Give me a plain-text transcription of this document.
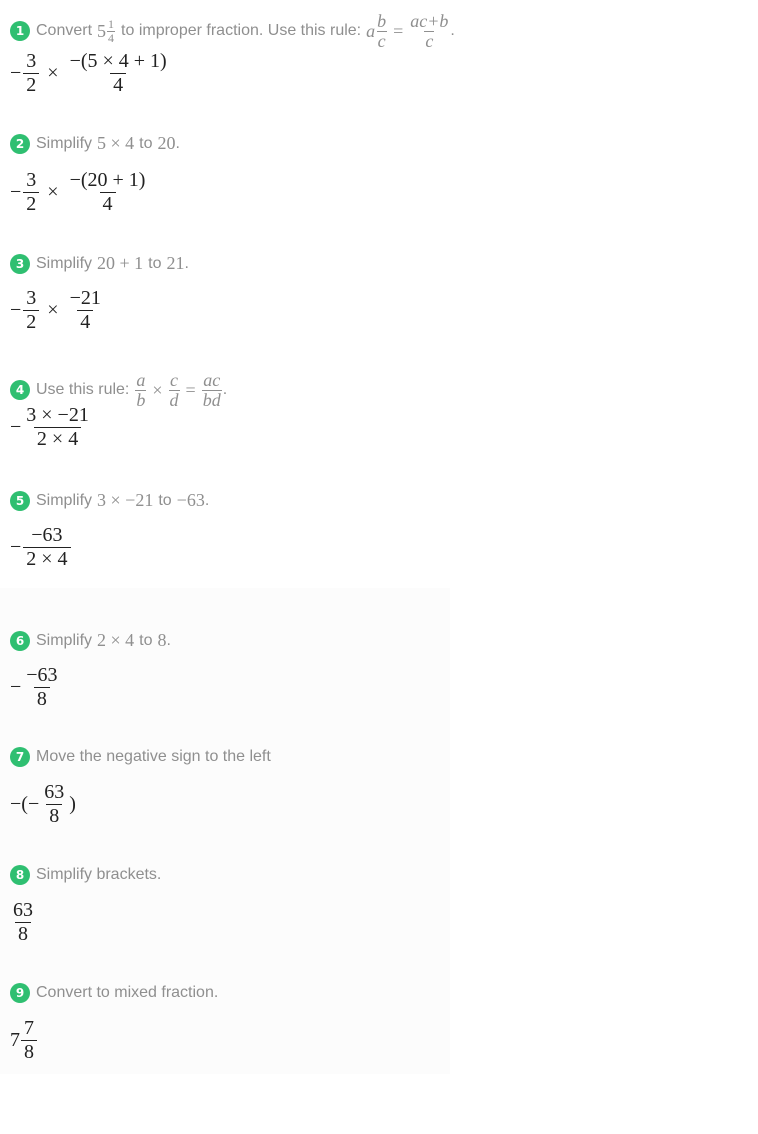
1 Convert $5 \frac{1}{4}$ to improper fraction. Use this rule: a $\frac{b}{c} = \frac{ac+b}{c}$ .
− $\frac{3}{2} \times \frac{-(5 \times 4 + 1)}{4}$
2 Simplify 5 × 4 to 20 .
− $\frac{3}{2} \times \frac{-(20 + 1)}{4}$
3 Simplify 20 + 1 to 21 .
− $\frac{3}{2} \times \frac{-21}{4}$
4 Use this rule: $\frac{a}{b} \times \frac{c}{d} = \frac{ac}{bd}$ .
− $\frac{3 \times -21}{2 \times 4}$
5 Simplify 3 × −21 to −63 .
− $\frac{-63}{2 \times 4}$
6 Simplify 2 × 4 to 8 .
− $\frac{-63}{8}$
7 Move the negative sign to the left
−(− $\frac{63}{8}$ )
8 Simplify brackets.
$\frac{63}{8}$
9 Convert to mixed fraction.
$7 \frac{7}{8}$
